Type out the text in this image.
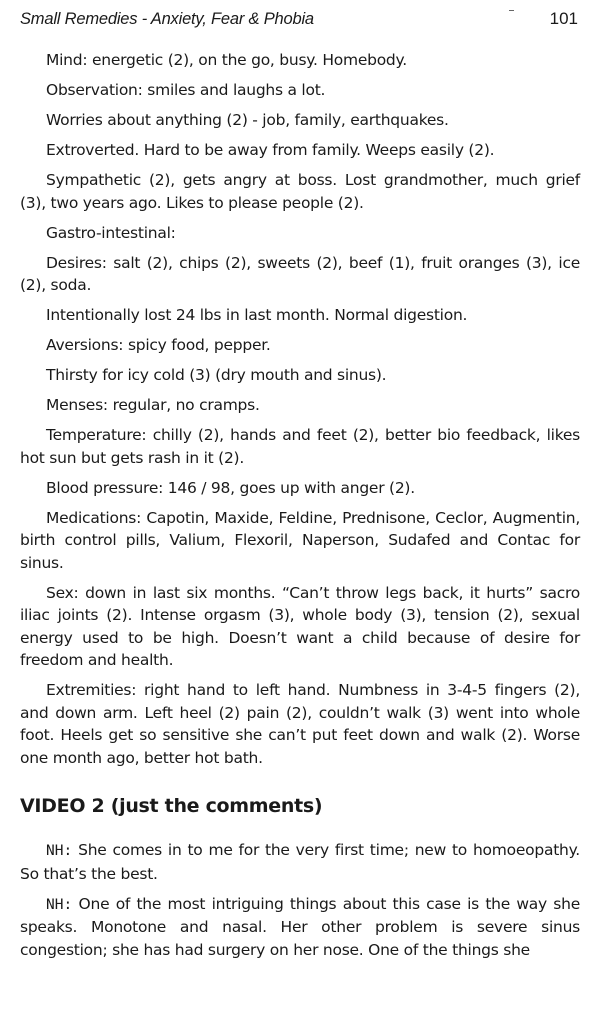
Small Remedies - Anxiety, Fear & Phobia	101

Mind: energetic (2), on the go, busy. Homebody.

Observation: smiles and laughs a lot.

Worries about anything (2) - job, family, earthquakes.

Extroverted. Hard to be away from family. Weeps easily (2).

Sympathetic (2), gets angry at boss. Lost grandmother, much grief (3), two years ago. Likes to please people (2).

Gastro-intestinal:

Desires: salt (2), chips (2), sweets (2), beef (1), fruit oranges (3), ice (2), soda.

Intentionally lost 24 lbs in last month. Normal digestion.

Aversions: spicy food, pepper.

Thirsty for icy cold (3) (dry mouth and sinus).

Menses: regular, no cramps.

Temperature: chilly (2), hands and feet (2), better bio feedback, likes hot sun but gets rash in it (2).

Blood pressure: 146 / 98, goes up with anger (2).

Medications: Capotin, Maxide, Feldine, Prednisone, Ceclor, Augmentin, birth control pills, Valium, Flexoril, Naperson, Sudafed and Contac for sinus.

Sex: down in last six months. “Can’t throw legs back, it hurts” sacro iliac joints (2). Intense orgasm (3), whole body (3), tension (2), sexual energy used to be high. Doesn’t want a child because of desire for freedom and health.

Extremities: right hand to left hand. Numbness in 3-4-5 fingers (2), and down arm. Left heel (2) pain (2), couldn’t walk (3) went into whole foot. Heels get so sensitive she can’t put feet down and walk (2). Worse one month ago, better hot bath.

VIDEO 2 (just the comments)

NH: She comes in to me for the very first time; new to homoeopathy. So that’s the best.

NH: One of the most intriguing things about this case is the way she speaks. Monotone and nasal. Her other problem is severe sinus congestion; she has had surgery on her nose. One of the things she
